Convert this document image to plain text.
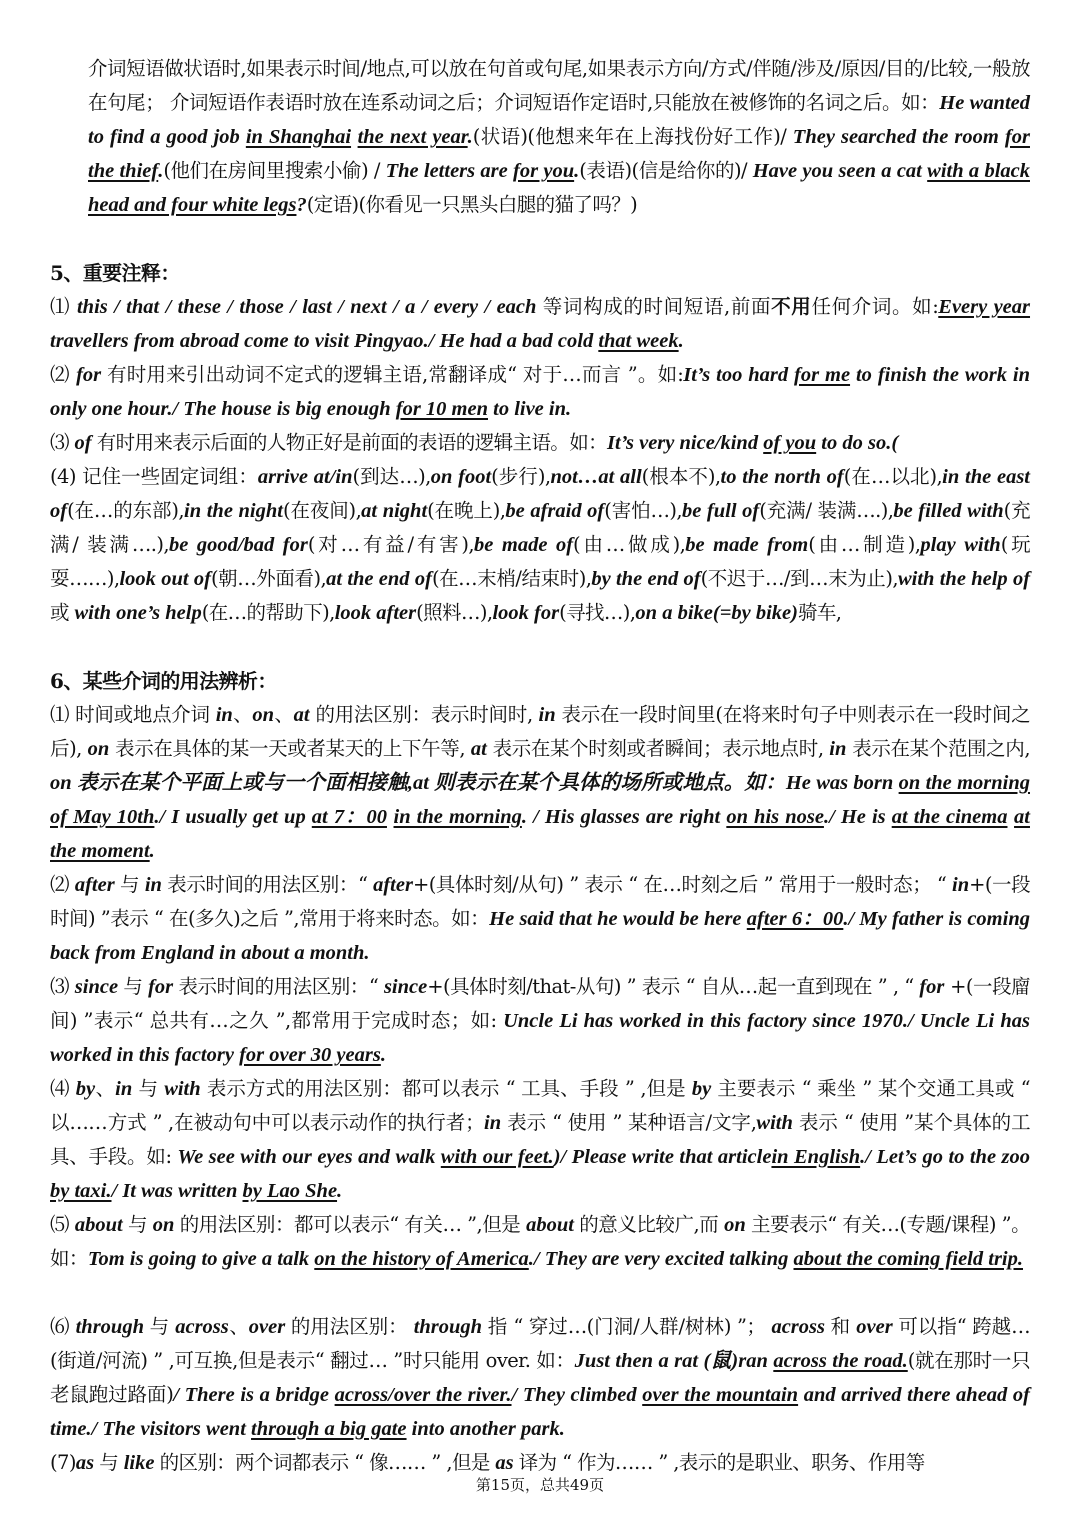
介词短语做状语时,如果表示时间/地点,可以放在句首或句尾,如果表示方向/方式/伴随/涉及/原因/目的/比较,一般放在句尾； 介词短语作表语时放在连系动词之后；介词短语作定语时,只能放在被修饰的名词之后。如：He wanted to find a good job in Shanghai the next year.(状语)(他想来年在上海找份好工作)/ They searched the room for the thief.(他们在房间里搜索小偷) / The letters are for you.(表语)(信是给你的)/ Have you seen a cat with a black head and four white legs?(定语)(你看见一只黑头白腿的猫了吗？)

5、重要注释：

⑴ this / that / these / those / last / next / a / every / each 等词构成的时间短语,前面不用任何介词。如:Every year travellers from abroad come to visit Pingyao./ He had a bad cold that week.

⑵ for 有时用来引出动词不定式的逻辑主语,常翻译成“ 对于…而言 ”。如:It’s too hard for me to finish the work in only one hour./ The house is big enough for 10 men to live in.

⑶ of 有时用来表示后面的人物正好是前面的表语的逻辑主语。如：It’s very nice/kind of you to do so.(

(4) 记住一些固定词组：arrive at/in(到达…),on foot(步行),not…at all(根本不),to the north of(在…以北),in the east of(在…的东部),in the night(在夜间),at night(在晚上),be afraid of(害怕…),be full of(充满/ 装满….),be filled with(充满/ 装满….),be good/bad for(对…有益/有害),be made of(由…做成),be made from(由…制造),play with(玩耍……),look out of(朝…外面看),at the end of(在…末梢/结束时),by the end of(不迟于…/到…末为止),with the help of或 with one’s help(在…的帮助下),look after(照料…),look for(寻找…),on a bike(=by bike)骑车,

6、某些介词的用法辨析：

⑴ 时间或地点介词 in、on、at 的用法区别：表示时间时, in 表示在一段时间里(在将来时句子中则表示在一段时间之后), on 表示在具体的某一天或者某天的上下午等, at 表示在某个时刻或者瞬间；表示地点时, in 表示在某个范围之内, on 表示在某个平面上或与一个面相接触,at 则表示在某个具体的场所或地点。如：He was born on the morning of May 10th./ I usually get up at 7：00 in the morning. / His glasses are right on his nose./ He is at the cinema at the moment.

⑵ after 与 in 表示时间的用法区别：“ after+(具体时刻/从句) ” 表示 “ 在…时刻之后 ” 常用于一般时态； “ in+(一段时间) ”表示 “ 在(多久)之后 ”,常用于将来时态。如：He said that he would be here after 6：00./ My father is coming back from England in about a month.

⑶ since 与 for 表示时间的用法区别：“ since+(具体时刻/that-从句) ” 表示 “ 自从…起一直到现在 ” , “ for +(一段廇间) ”表示“ 总共有…之久 ”,都常用于完成时态；如: Uncle Li has worked in this factory since 1970./ Uncle Li has worked in this factory for over 30 years.

⑷ by、in 与 with 表示方式的用法区别：都可以表示 “ 工具、手段 ” ,但是 by 主要表示 “ 乘坐 ” 某个交通工具或 “ 以……方式 ” ,在被动句中可以表示动作的执行者；in 表示 “ 使用 ” 某种语言/文字,with 表示 “ 使用 ”某个具体的工具、手段。如: We see with our eyes and walk with our feet.)/ Please write that articlein English./ Let’s go to the zoo by taxi./ It was written by Lao She.

⑸ about 与 on 的用法区别：都可以表示“ 有关… ”,但是 about 的意义比较广,而 on 主要表示“ 有关…(专题/课程) ”。如：Tom is going to give a talk on the history of America./ They are very excited talking about the coming field trip.

⑹ through 与 across、over 的用法区别： through 指 “ 穿过…(门洞/人群/树林) ”； across 和 over 可以指“ 跨越…(街道/河流) ” ,可互换,但是表示“ 翻过… ”时只能用 over. 如：Just then a rat (鼠)ran across the road.(就在那时一只老鼠跑过路面)/ There is a bridge across/over the river./ They climbed over the mountain and arrived there ahead of time./ The visitors went through a big gate into another park.

(7)as 与 like 的区别：两个词都表示 “ 像…… ” ,但是 as 译为 “ 作为…… ” ,表示的是职业、职务、作用等

第15页，总共49页
